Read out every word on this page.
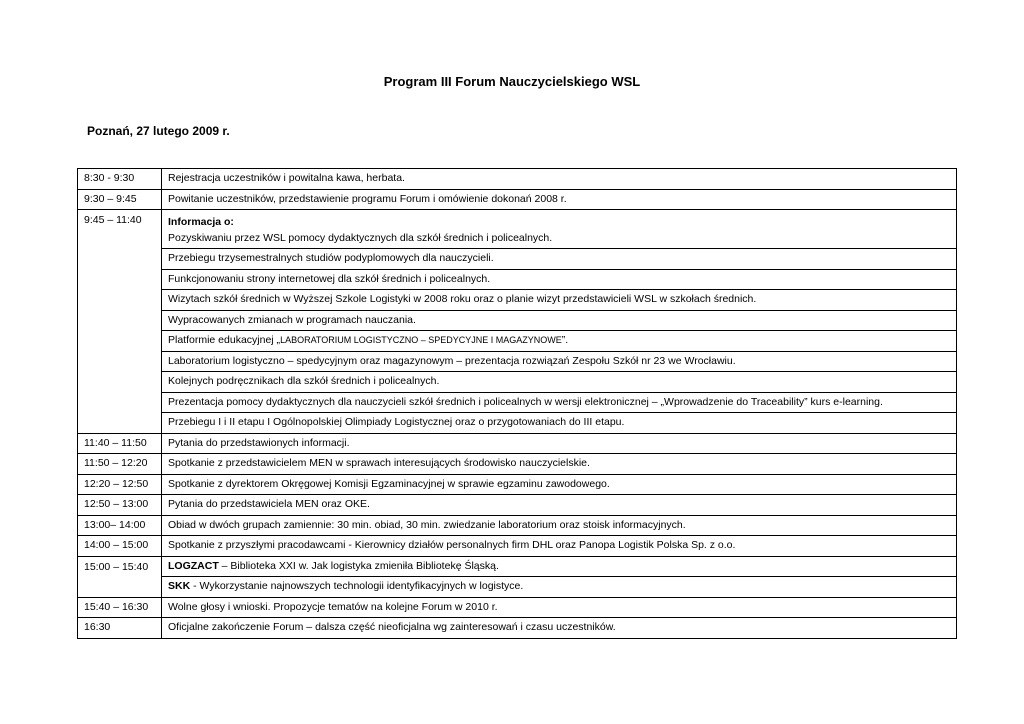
Program III Forum Nauczycielskiego WSL
Poznań, 27 lutego 2009 r.
8:30 - 9:30	Rejestracja uczestników i powitalna kawa, herbata.
9:30 – 9:45	Powitanie uczestników, przedstawienie programu Forum i omówienie dokonań 2008 r.
9:45 – 11:40	Informacja o:
Pozyskiwaniu przez WSL pomocy dydaktycznych dla szkół średnich i policealnych.

	Przebiegu trzysemestralnych studiów podyplomowych dla nauczycieli.
	Funkcjonowaniu strony internetowej dla szkół średnich i policealnych.
	Wizytach szkół średnich w Wyższej Szkole Logistyki w 2008 roku oraz o planie wizyt przedstawicieli WSL w szkołach średnich.
	Wypracowanych zmianach w programach nauczania.
	Platformie edukacyjnej „LABORATORIUM LOGISTYCZNO – SPEDYCYJNE I MAGAZYNOWE”.
	Laboratorium logistyczno – spedycyjnym oraz magazynowym – prezentacja rozwiązań Zespołu Szkół nr 23 we Wrocławiu.
	Kolejnych podręcznikach dla szkół średnich i policealnych.
	Prezentacja pomocy dydaktycznych dla nauczycieli szkół średnich i policealnych w wersji elektronicznej – „Wprowadzenie do Traceability” kurs e-learning.
	Przebiegu I i II etapu I Ogólnopolskiej Olimpiady Logistycznej oraz o przygotowaniach do III etapu.
11:40 – 11:50	Pytania do przedstawionych informacji.
11:50 – 12:20	Spotkanie z przedstawicielem MEN w sprawach interesujących środowisko nauczycielskie.
12:20 – 12:50	Spotkanie z dyrektorem Okręgowej Komisji Egzaminacyjnej w sprawie egzaminu zawodowego.
12:50 – 13:00	Pytania do przedstawiciela MEN oraz OKE.
13:00– 14:00	Obiad w dwóch grupach zamiennie: 30 min. obiad, 30 min. zwiedzanie laboratorium oraz stoisk informacyjnych.
14:00 – 15:00	Spotkanie z przyszłymi pracodawcami - Kierownicy działów personalnych firm DHL oraz Panopa Logistik Polska Sp. z o.o.
15:00 – 15:40	LOGZACT – Biblioteka XXI w. Jak logistyka zmieniła Bibliotekę Śląską.
	SKK - Wykorzystanie najnowszych technologii identyfikacyjnych w logistyce.
15:40 – 16:30	Wolne głosy i wnioski. Propozycje tematów na kolejne Forum w 2010 r.
16:30	Oficjalne zakończenie Forum – dalsza część nieoficjalna wg zainteresowań i czasu uczestników.
